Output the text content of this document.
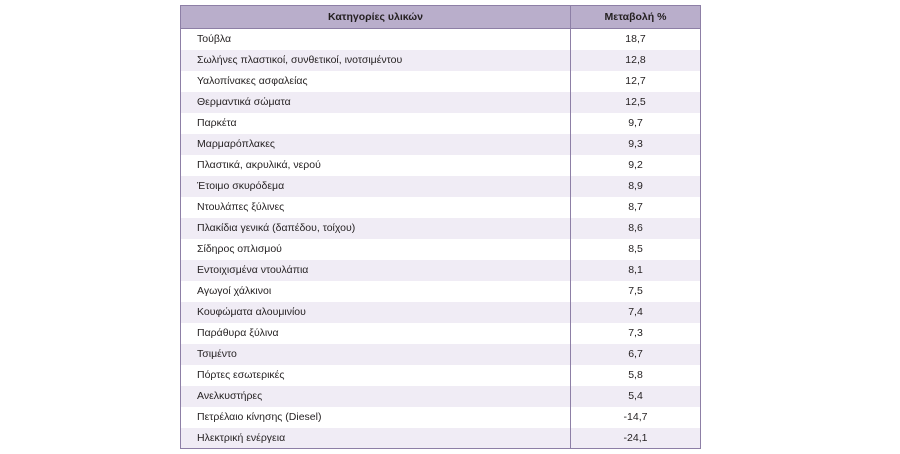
Κατηγορίες υλικών	Μεταβολή %
Τούβλα	18,7
Σωλήνες πλαστικοί, συνθετικοί, ινοτσιμέντου	12,8
Υαλοπίνακες ασφαλείας	12,7
Θερμαντικά σώματα	12,5
Παρκέτα	9,7
Μαρμαρόπλακες	9,3
Πλαστικά, ακρυλικά, νερού	9,2
Έτοιμο σκυρόδεμα	8,9
Ντουλάπες ξύλινες	8,7
Πλακίδια γενικά (δαπέδου, τοίχου)	8,6
Σίδηρος οπλισμού	8,5
Εντοιχισμένα ντουλάπια	8,1
Αγωγοί χάλκινοι	7,5
Κουφώματα αλουμινίου	7,4
Παράθυρα ξύλινα	7,3
Τσιμέντο	6,7
Πόρτες εσωτερικές	5,8
Ανελκυστήρες	5,4
Πετρέλαιο κίνησης (Diesel)	-14,7
Ηλεκτρική ενέργεια	-24,1
